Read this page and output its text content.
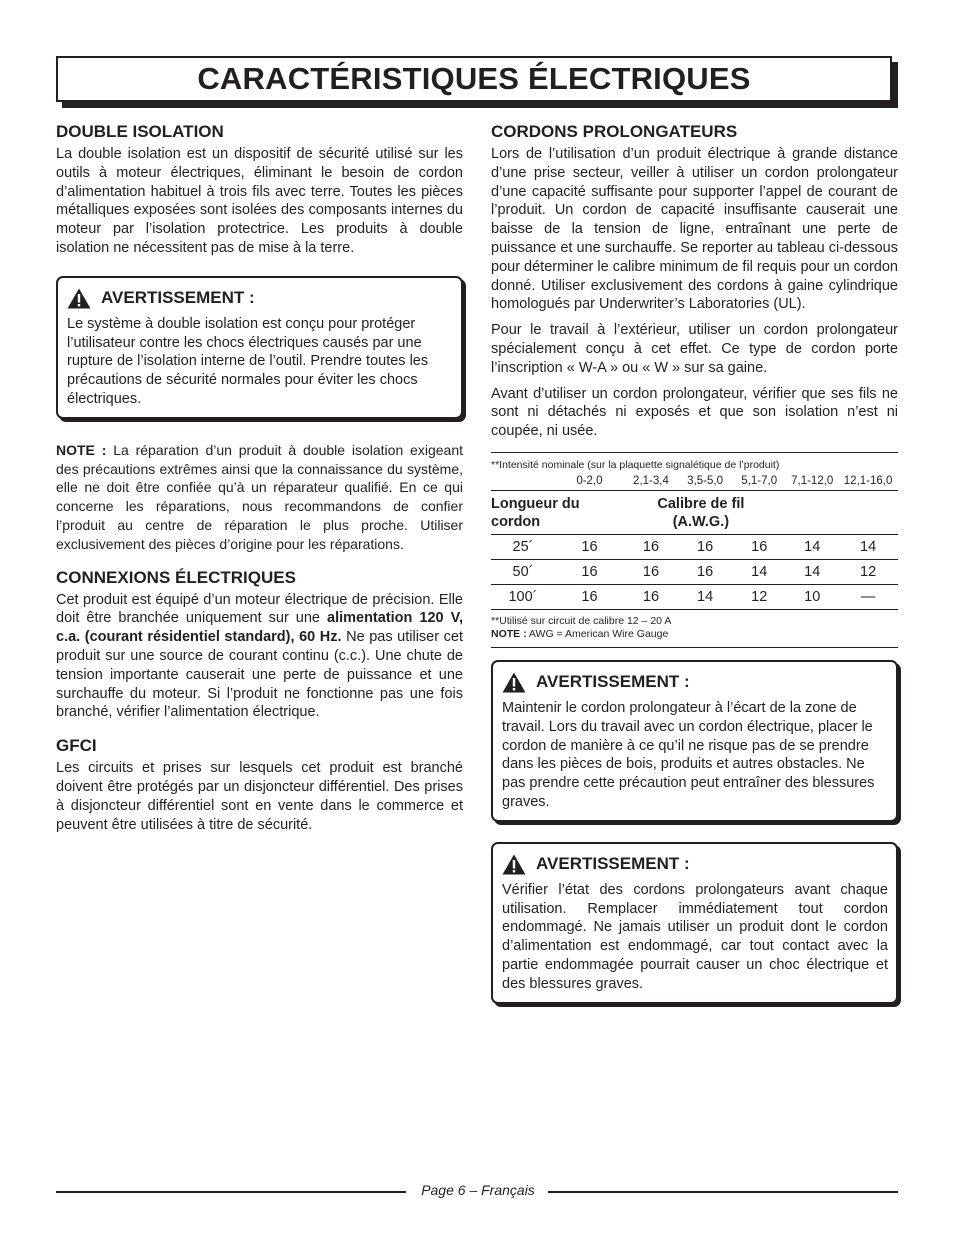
CARACTÉRISTIQUES ÉLECTRIQUES
DOUBLE ISOLATION

La double isolation est un dispositif de sécurité utilisé sur les outils à moteur électriques, éliminant le besoin de cordon d’alimentation habituel à trois fils avec terre. Toutes les pièces métalliques exposées sont isolées des composants internes du moteur par l’isolation protectrice. Les produits à double isolation ne nécessitent pas de mise à la terre.

AVERTISSEMENT :

Le système à double isolation est conçu pour protéger l’utilisateur contre les chocs électriques causés par une rupture de l’isolation interne de l’outil. Prendre toutes les précautions de sécurité normales pour éviter les chocs électriques.

NOTE : La réparation d’un produit à double isolation exigeant des précautions extrêmes ainsi que la connaissance du système, elle ne doit être confiée qu’à un réparateur qualifié. En ce qui concerne les réparations, nous recommandons de confier l’produit au centre de réparation le plus proche. Utiliser exclusivement des pièces d’origine pour les réparations.

CONNEXIONS ÉLECTRIQUES

Cet produit est équipé d’un moteur électrique de précision. Elle doit être branchée uniquement sur une alimentation 120 V, c.a. (courant résidentiel standard), 60 Hz. Ne pas utiliser cet produit sur une source de courant continu (c.c.). Une chute de tension importante causerait une perte de puissance et une surchauffe du moteur. Si l’produit ne fonctionne pas une fois branché, vérifier l’alimentation électrique.

GFCI

Les circuits et prises sur lesquels cet produit est branché doivent être protégés par un disjoncteur différentiel. Des prises à disjoncteur différentiel sont en vente dans le commerce et peuvent être utilisées à titre de sécurité.

CORDONS PROLONGATEURS

Lors de l’utilisation d’un produit électrique à grande distance d’une prise secteur, veiller à utiliser un cordon prolongateur d’une capacité suffisante pour supporter l’appel de courant de l’produit. Un cordon de capacité insuffisante causerait une baisse de la tension de ligne, entraînant une perte de puissance et une surchauffe. Se reporter au tableau ci-dessous pour déterminer le calibre minimum de fil requis pour un cordon donné. Utiliser exclusivement des cordons à gaine cylindrique homologués par Underwriter’s Laboratories (UL).

Pour le travail à l’extérieur, utiliser un cordon prolongateur spécialement conçu à cet effet. Ce type de cordon porte l’inscription « W-A » ou « W » sur sa gaine.

Avant d’utiliser un cordon prolongateur, vérifier que ses fils ne sont ni détachés ni exposés et que son isolation n’est ni coupée, ni usée.

**Intensité nominale (sur la plaquette signalétique de l’produit)
	0-2,0	2,1-3,4	3,5-5,0	5,1-7,0	7,1-12,0	12,1-16,0

Longueur du cordon		Calibre de fil (A.W.G.)				

25´	16	16	16	16	14	14
50´	16	16	16	14	14	12
100´	16	16	14	12	10	—
**Utilisé sur circuit de calibre 12 – 20 A
NOTE : AWG = American Wire Gauge
AVERTISSEMENT :

Maintenir le cordon prolongateur à l’écart de la zone de travail. Lors du travail avec un cordon électrique, placer le cordon de manière à ce qu’il ne risque pas de se prendre dans les pièces de bois, produits et autres obstacles. Ne pas prendre cette précaution peut entraîner des blessures graves.

AVERTISSEMENT :

Vérifier l’état des cordons prolongateurs avant chaque utilisation. Remplacer immédiatement tout cordon endommagé. Ne jamais utiliser un produit dont le cordon d’alimentation est endommagé, car tout contact avec la partie endommagée pourrait causer un choc électrique et des blessures graves.

Page 6 – Français
